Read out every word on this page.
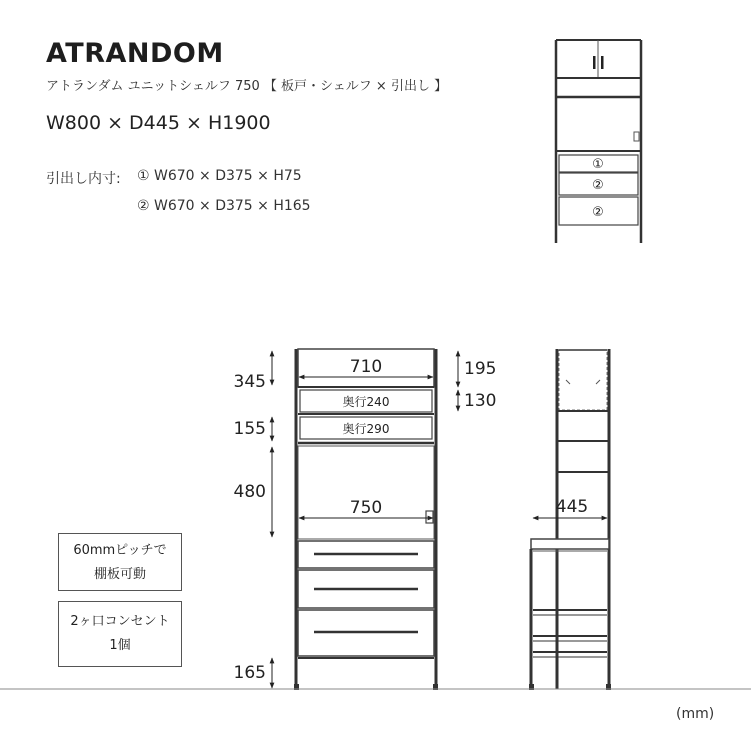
ATRANDOM
アトランダム ユニットシェルフ 750 【 板戸・シェルフ × 引出し 】
W800 × D445 × H1900
引出し内寸: ① W670 × D375 × H75
② W670 × D375 × H165
①
②
②
710
750
奥行240
奥行290
345
155
480
165
195
130
445
60mmピッチで
棚板可動
2ヶ口コンセント
1個
(mm)
